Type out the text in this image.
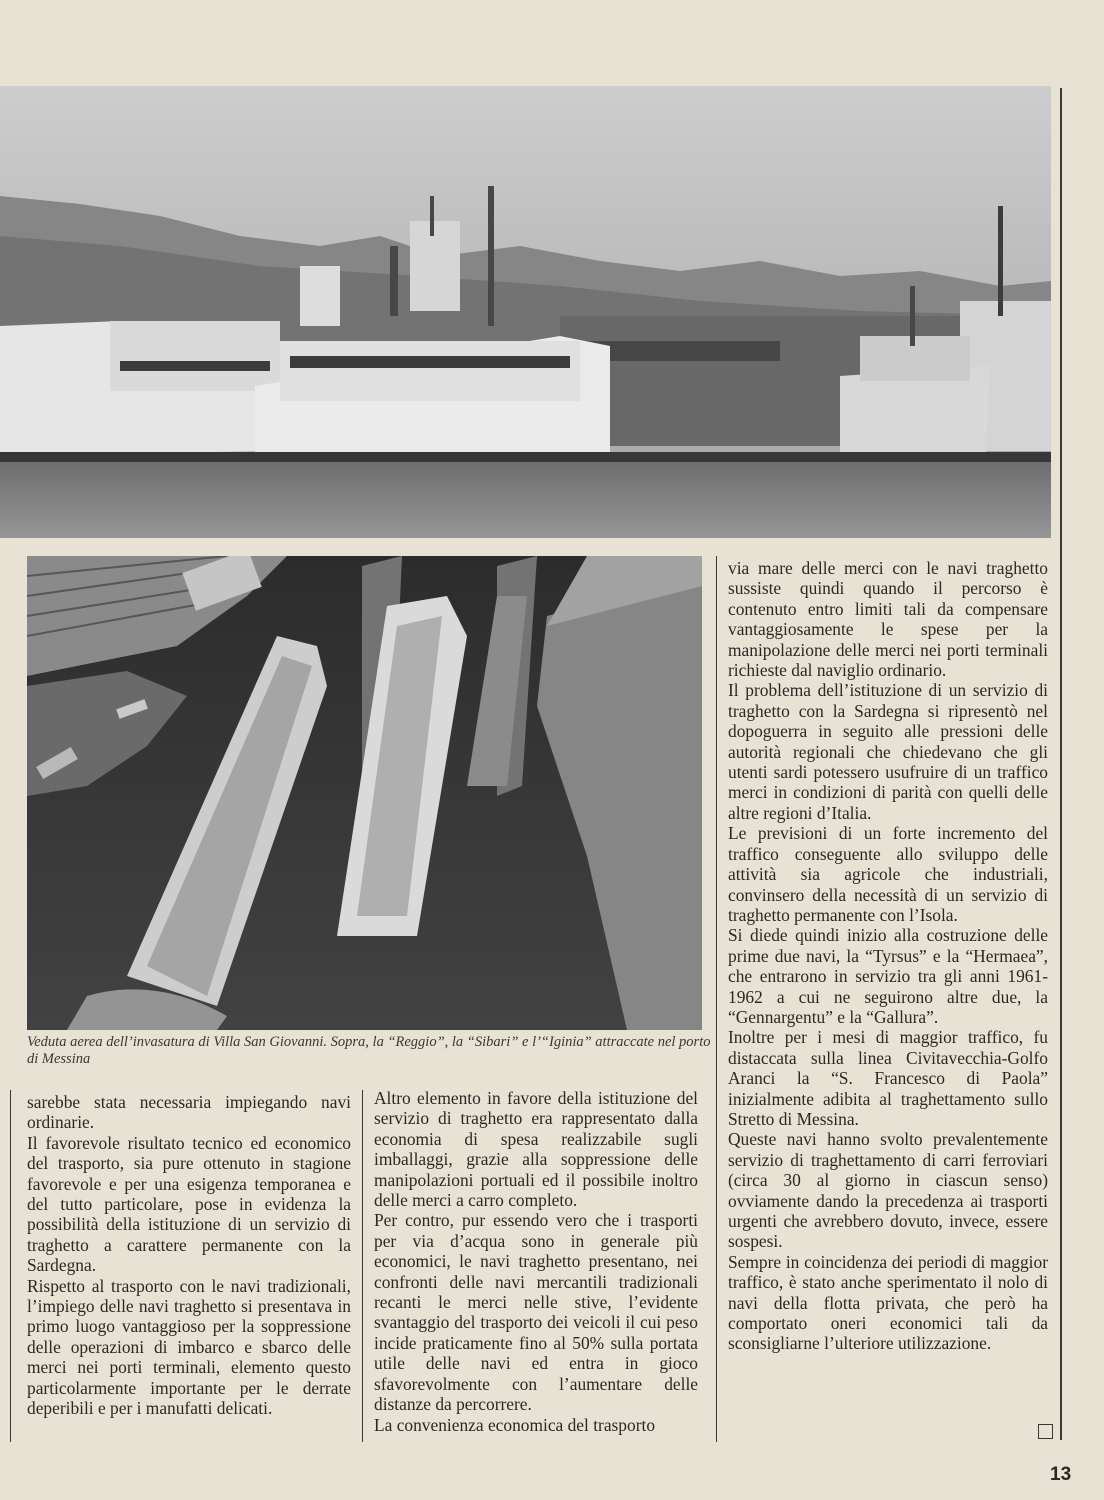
Veduta aerea dell’invasatura di Villa San Giovanni. Sopra, la “Reggio”, la “Sibari” e l’“Iginia” attraccate nel porto di Messina

sarebbe stata necessaria impiegando navi ordinarie.

Il favorevole risultato tecnico ed economico del trasporto, sia pure ottenuto in stagione favorevole e per una esigenza temporanea e del tutto particolare, pose in evidenza la possibilità della istituzione di un servizio di traghetto a carattere permanente con la Sardegna.

Rispetto al trasporto con le navi tradizionali, l’impiego delle navi traghetto si presentava in primo luogo vantaggioso per la soppressione delle operazioni di imbarco e sbarco delle merci nei porti terminali, elemento questo particolarmente importante per le derrate deperibili e per i manufatti delicati.

Altro elemento in favore della istituzione del servizio di traghetto era rappresentato dalla economia di spesa realizzabile sugli imballaggi, grazie alla soppressione delle manipolazioni portuali ed il possibile inoltro delle merci a carro completo.

Per contro, pur essendo vero che i trasporti per via d’acqua sono in generale più economici, le navi traghetto presentano, nei confronti delle navi mercantili tradizionali recanti le merci nelle stive, l’evidente svantaggio del trasporto dei veicoli il cui peso incide praticamente fino al 50% sulla portata utile delle navi ed entra in gioco sfavorevolmente con l’aumentare delle distanze da percorrere.

La convenienza economica del trasporto

via mare delle merci con le navi traghetto sussiste quindi quando il percorso è contenuto entro limiti tali da compensare vantaggiosamente le spese per la manipolazione delle merci nei porti terminali richieste dal naviglio ordinario.

Il problema dell’istituzione di un servizio di traghetto con la Sardegna si ripresentò nel dopoguerra in seguito alle pressioni delle autorità regionali che chiedevano che gli utenti sardi potessero usufruire di un traffico merci in condizioni di parità con quelli delle altre regioni d’Italia.

Le previsioni di un forte incremento del traffico conseguente allo sviluppo delle attività sia agricole che industriali, convinsero della necessità di un servizio di traghetto permanente con l’Isola.

Si diede quindi inizio alla costruzione delle prime due navi, la “Tyrsus” e la “Hermaea”, che entrarono in servizio tra gli anni 1961-1962 a cui ne seguirono altre due, la “Gennargentu” e la “Gallura”.

Inoltre per i mesi di maggior traffico, fu distaccata sulla linea Civitavecchia-Golfo Aranci la “S. Francesco di Paola” inizialmente adibita al traghettamento sullo Stretto di Messina.

Queste navi hanno svolto prevalentemente servizio di traghettamento di carri ferroviari (circa 30 al giorno in ciascun senso) ovviamente dando la precedenza ai trasporti urgenti che avrebbero dovuto, invece, essere sospesi.

Sempre in coincidenza dei periodi di maggior traffico, è stato anche sperimentato il nolo di navi della flotta privata, che però ha comportato oneri economici tali da sconsigliarne l’ulteriore utilizzazione.

13
